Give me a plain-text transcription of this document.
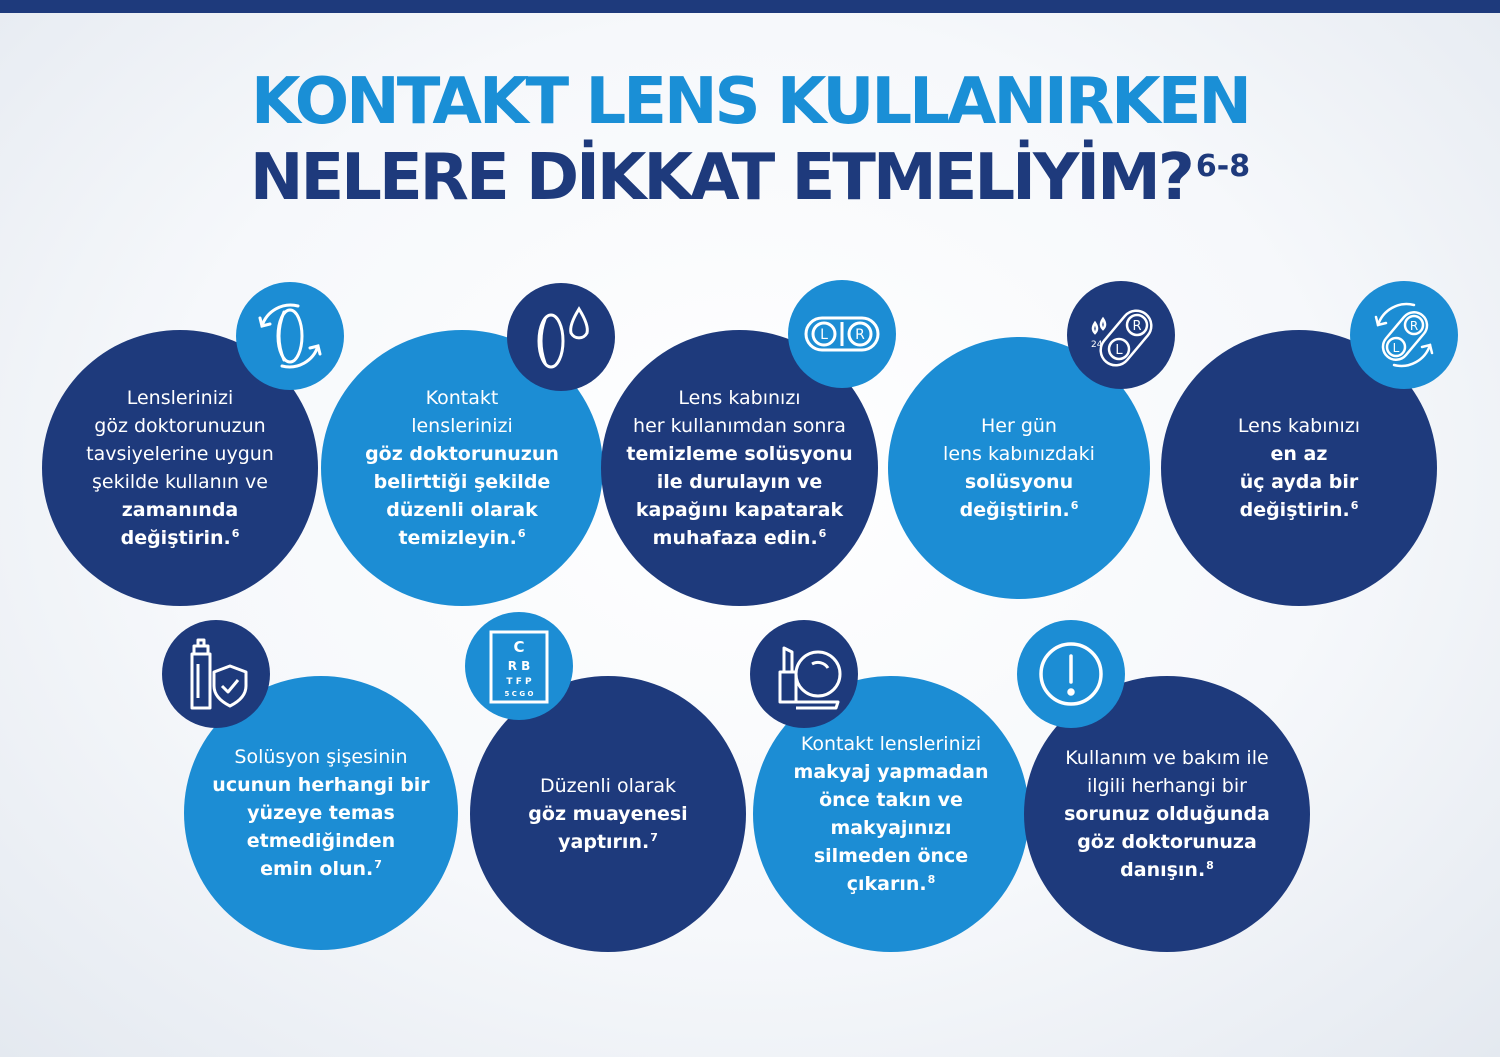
KONTAKT LENS KULLANIRKEN
NELERE DİKKAT ETMELİYİM? $^{6-8}$
Lenslerinizi
göz doktorunuzun
tavsiyelerine uygun
şekilde kullanın ve
zamanında
değiştirin.$^6$
Kontakt
lenslerinizi
göz doktorunuzun
belirttiği şekilde
düzenli olarak
temizleyin.$^6$
Lens kabınızı
her kullanımdan sonra
temizleme solüsyonu
ile durulayın ve
kapağını kapatarak
muhafaza edin.$^6$
L R
Her gün
lens kabınızdaki
solüsyonu
değiştirin.$^6$
R
L
24
Lens kabınızı
en az
üç ayda bir
değiştirin.$^6$
R
L
Solüsyon şişesinin
ucunun herhangi bir
yüzeye temas
etmediğinden
emin olun.$^7$
Düzenli olarak
göz muayenesi
yaptırın.$^7$
C
R B
T F P
5 C G O
Kontakt lenslerinizi
makyaj yapmadan
önce takın ve
makyajınızı
silmeden önce
çıkarın.$^8$
Kullanım ve bakım ile
ilgili herhangi bir
sorunuz olduğunda
göz doktorunuza
danışın.$^8$
